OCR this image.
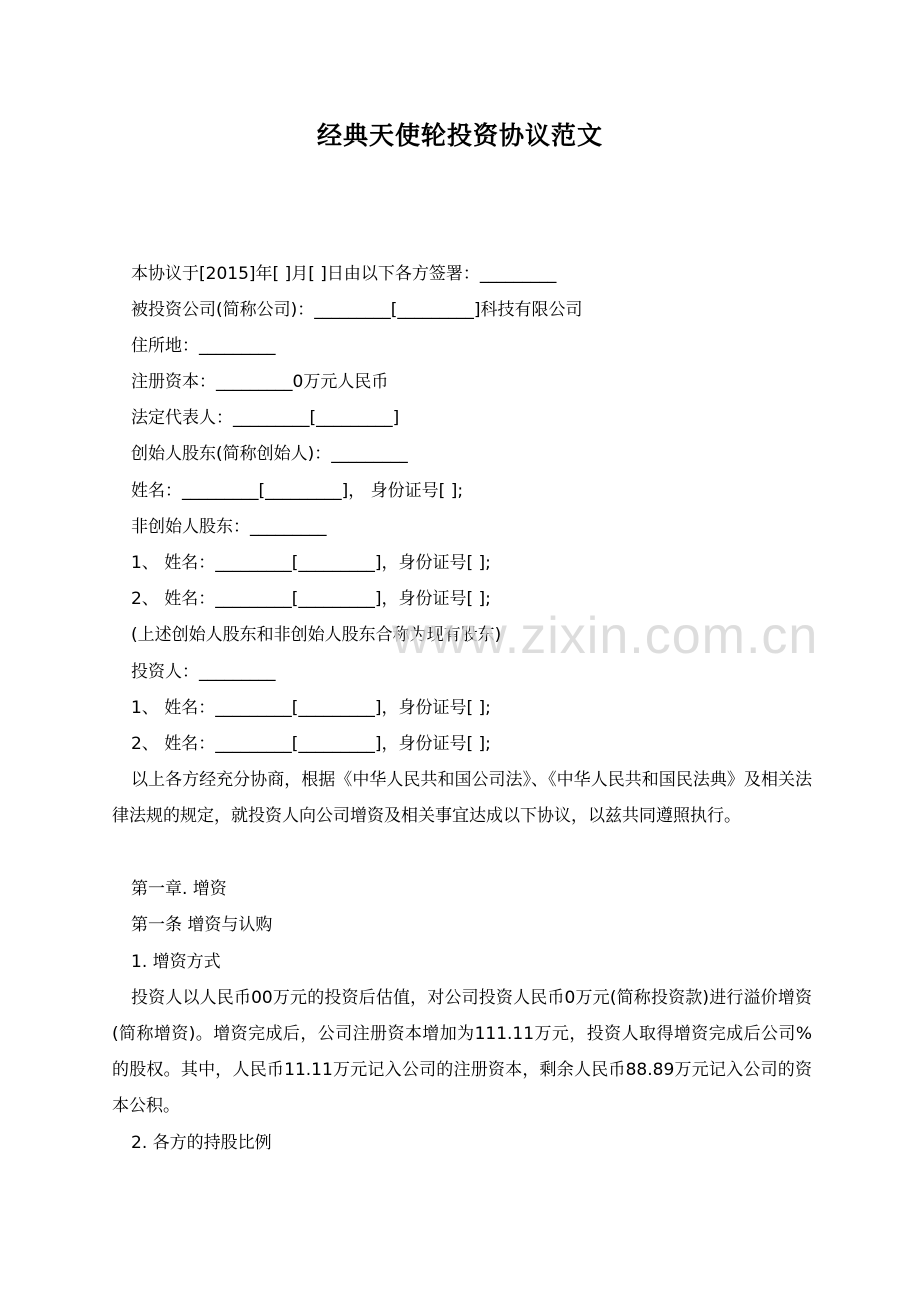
经典天使轮投资协议范文
本协议于[2015]年[ ]月[ ]日由以下各方签署：_________
被投资公司(简称公司)：_________[_________]科技有限公司
住所地：_________
注册资本：_________0万元人民币
法定代表人：_________[_________]
创始人股东(简称创始人)：_________
姓名：_________[_________]， 身份证号[ ];
非创始人股东：_________
1、 姓名：_________[_________]，身份证号[ ];
2、 姓名：_________[_________]，身份证号[ ];
(上述创始人股东和非创始人股东合称为现有股东)
投资人：_________
1、 姓名：_________[_________]，身份证号[ ];
2、 姓名：_________[_________]，身份证号[ ];
以上各方经充分协商，根据《中华人民共和国公司法》、《中华人民共和国民法典》及相关法律法规的规定，就投资人向公司增资及相关事宜达成以下协议，以兹共同遵照执行。
第一章. 增资
第一条 增资与认购
1. 增资方式
投资人以人民币00万元的投资后估值，对公司投资人民币0万元(简称投资款)进行溢价增资(简称增资)。增资完成后，公司注册资本增加为111.11万元，投资人取得增资完成后公司%的股权。其中，人民币11.11万元记入公司的注册资本，剩余人民币88.89万元记入公司的资本公积。
2. 各方的持股比例
www.zixin.com.cn
